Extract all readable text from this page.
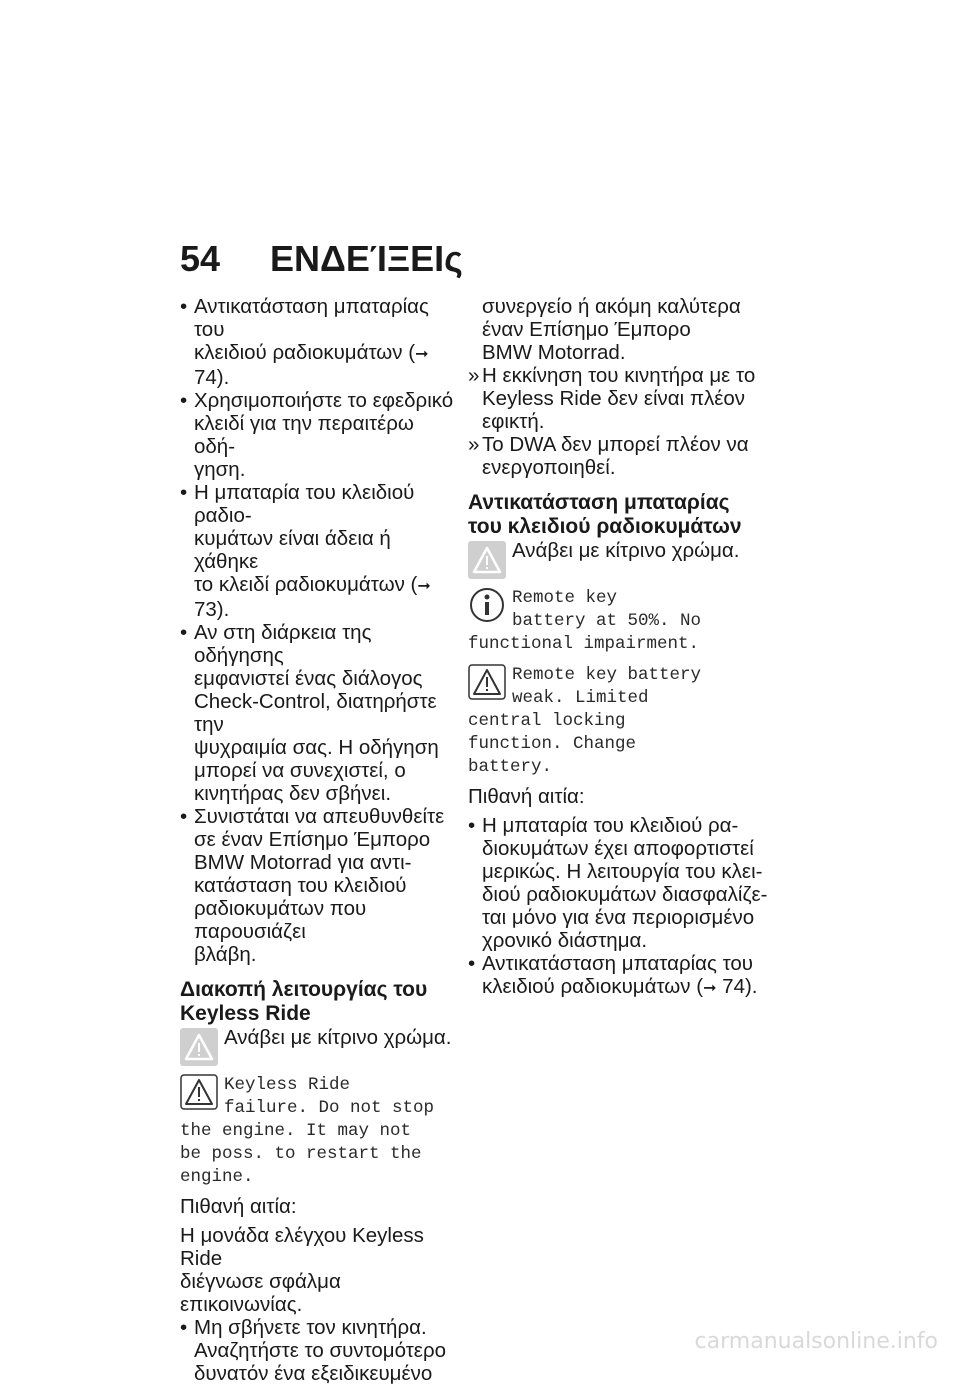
54 ΕΝΔΕΊΞΕΙς
• Αντικατάσταση μπαταρίας του
κλειδιού ραδιοκυμάτων (➞ 74).
• Χρησιμοποιήστε το εφεδρικό
κλειδί για την περαιτέρω οδή-
γηση.
• Η μπαταρία του κλειδιού ραδιο-
κυμάτων είναι άδεια ή χάθηκε
το κλειδί ραδιοκυμάτων (➞ 73).
• Αν στη διάρκεια της οδήγησης
εμφανιστεί ένας διάλογος
Check-Control, διατηρήστε την
ψυχραιμία σας. Η οδήγηση
μπορεί να συνεχιστεί, ο
κινητήρας δεν σβήνει.
• Συνιστάται να απευθυνθείτε
σε έναν Επίσημο Έμπορο
BMW Motorrad για αντι-
κατάσταση του κλειδιού
ραδιοκυμάτων που παρουσιάζει
βλάβη.
Διακοπή λειτουργίας του
Keyless Ride
Ανάβει με κίτρινο χρώμα.
Keyless Ride
failure. Do not stop
the engine. It may not
be poss. to restart the
engine.
Πιθανή αιτία:
Η μονάδα ελέγχου Keyless Ride
διέγνωσε σφάλμα επικοινωνίας.
• Μη σβήνετε τον κινητήρα.
Αναζητήστε το συντομότερο
δυνατόν ένα εξειδικευμένο
συνεργείο ή ακόμη καλύτερα
έναν Επίσημο Έμπορο
BMW Motorrad.
» Η εκκίνηση του κινητήρα με το
Keyless Ride δεν είναι πλέον
εφικτή.
» Το DWA δεν μπορεί πλέον να
ενεργοποιηθεί.
Αντικατάσταση μπαταρίας
του κλειδιού ραδιοκυμάτων
Ανάβει με κίτρινο χρώμα.
Remote key
battery at 50%. No
functional impairment.
Remote key battery
weak. Limited
central locking
function. Change
battery.
Πιθανή αιτία:
• Η μπαταρία του κλειδιού ρα-
διοκυμάτων έχει αποφορτιστεί
μερικώς. Η λειτουργία του κλει-
διού ραδιοκυμάτων διασφαλίζε-
ται μόνο για ένα περιορισμένο
χρονικό διάστημα.
• Αντικατάσταση μπαταρίας του
κλειδιού ραδιοκυμάτων (➞ 74).
carmanualsonline.info
